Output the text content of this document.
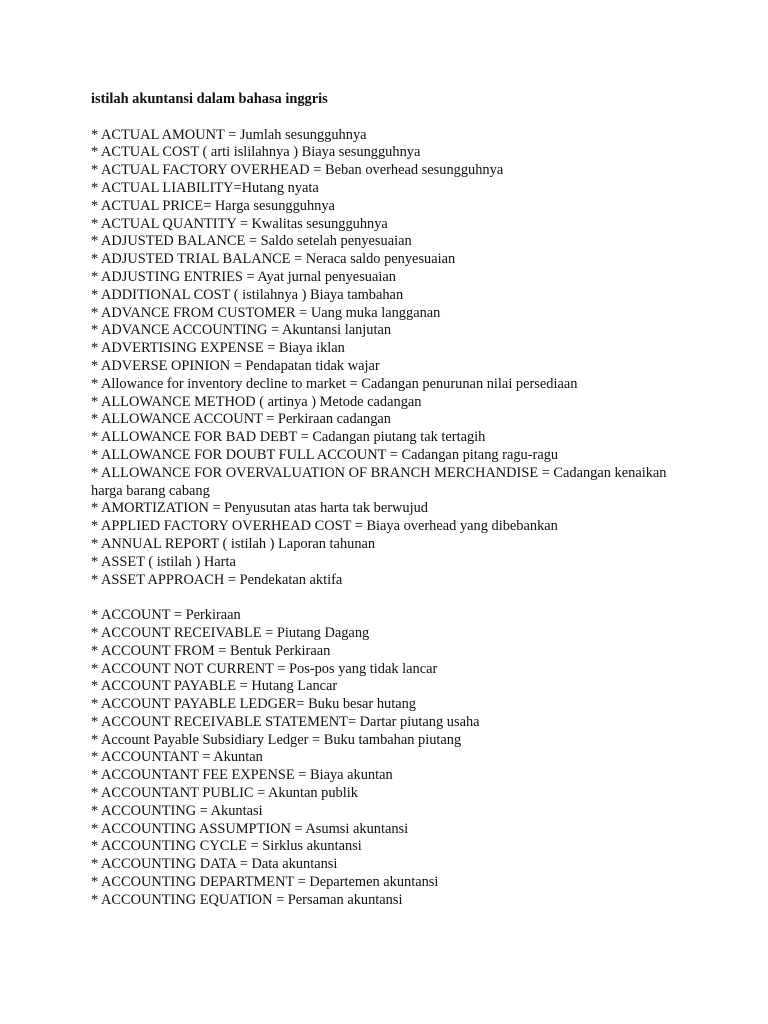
istilah akuntansi dalam bahasa inggris
* ACTUAL AMOUNT = Jumlah sesungguhnya
* ACTUAL COST ( arti islilahnya ) Biaya sesungguhnya
* ACTUAL FACTORY OVERHEAD = Beban overhead sesungguhnya
* ACTUAL LIABILITY=Hutang nyata
* ACTUAL PRICE= Harga sesungguhnya
* ACTUAL QUANTITY = Kwalitas sesungguhnya
* ADJUSTED BALANCE = Saldo setelah penyesuaian
* ADJUSTED TRIAL BALANCE = Neraca saldo penyesuaian
* ADJUSTING ENTRIES = Ayat jurnal penyesuaian
* ADDITIONAL COST ( istilahnya ) Biaya tambahan
* ADVANCE FROM CUSTOMER = Uang muka langganan
* ADVANCE ACCOUNTING = Akuntansi lanjutan
* ADVERTISING EXPENSE = Biaya iklan
* ADVERSE OPINION = Pendapatan tidak wajar
* Allowance for inventory decline to market = Cadangan penurunan nilai persediaan
* ALLOWANCE METHOD ( artinya ) Metode cadangan
* ALLOWANCE ACCOUNT = Perkiraan cadangan
* ALLOWANCE FOR BAD DEBT = Cadangan piutang tak tertagih
* ALLOWANCE FOR DOUBT FULL ACCOUNT = Cadangan pitang ragu-ragu
* ALLOWANCE FOR OVERVALUATION OF BRANCH MERCHANDISE = Cadangan kenaikan harga barang cabang
* AMORTIZATION = Penyusutan atas harta tak berwujud
* APPLIED FACTORY OVERHEAD COST = Biaya overhead yang dibebankan
* ANNUAL REPORT ( istilah ) Laporan tahunan
* ASSET ( istilah ) Harta
* ASSET APPROACH = Pendekatan aktifa
* ACCOUNT = Perkiraan
* ACCOUNT RECEIVABLE = Piutang Dagang
* ACCOUNT FROM = Bentuk Perkiraan
* ACCOUNT NOT CURRENT = Pos-pos yang tidak lancar
* ACCOUNT PAYABLE = Hutang Lancar
* ACCOUNT PAYABLE LEDGER= Buku besar hutang
* ACCOUNT RECEIVABLE STATEMENT= Dartar piutang usaha
* Account Payable Subsidiary Ledger = Buku tambahan piutang
* ACCOUNTANT = Akuntan
* ACCOUNTANT FEE EXPENSE = Biaya akuntan
* ACCOUNTANT PUBLIC = Akuntan publik
* ACCOUNTING = Akuntasi
* ACCOUNTING ASSUMPTION = Asumsi akuntansi
* ACCOUNTING CYCLE = Sirklus akuntansi
* ACCOUNTING DATA = Data akuntansi
* ACCOUNTING DEPARTMENT = Departemen akuntansi
* ACCOUNTING EQUATION = Persaman akuntansi
